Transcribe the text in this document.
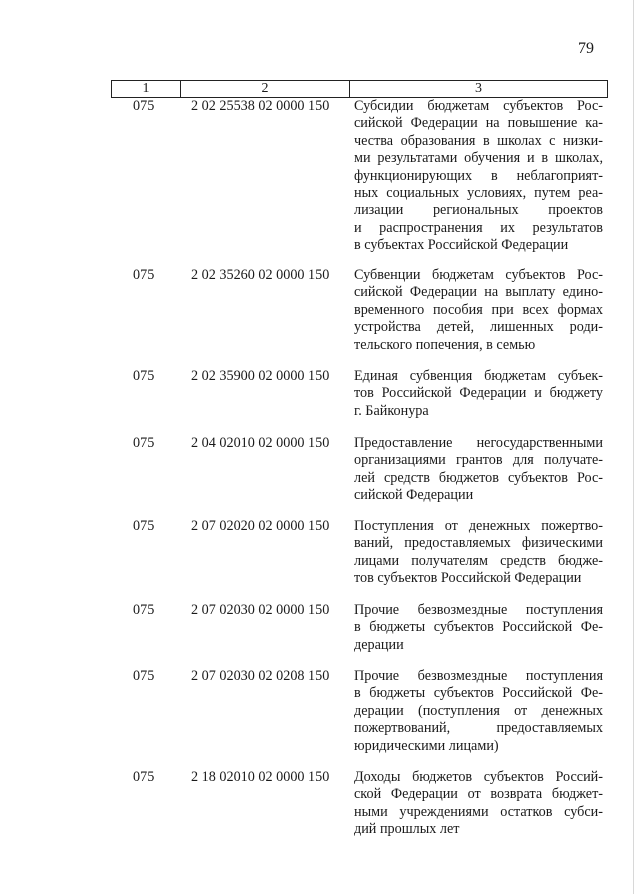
79
1	2	3
075	2 02 25538 02 0000 150 Субсидии бюджетам субъектов Рос-
сийской Федерации на повышение ка-
чества образования в школах с низки-
ми результатами обучения и в школах,
функционирующих в неблагоприят-
ных социальных условиях, путем реа-
лизации региональных проектов
и распространения их результатов
в субъектах Российской Федерации
075	2 02 35260 02 0000 150 Субвенции бюджетам субъектов Рос-
сийской Федерации на выплату едино-
временного пособия при всех формах
устройства детей, лишенных роди-
тельского попечения, в семью
075	2 02 35900 02 0000 150 Единая субвенция бюджетам субъек-
тов Российской Федерации и бюджету
г. Байконура
075	2 04 02010 02 0000 150 Предоставление негосударственными
организациями грантов для получате-
лей средств бюджетов субъектов Рос-
сийской Федерации
075	2 07 02020 02 0000 150 Поступления от денежных пожертво-
ваний, предоставляемых физическими
лицами получателям средств бюдже-
тов субъектов Российской Федерации
075	2 07 02030 02 0000 150 Прочие безвозмездные поступления
в бюджеты субъектов Российской Фе-
дерации
075	2 07 02030 02 0208 150 Прочие безвозмездные поступления
в бюджеты субъектов Российской Фе-
дерации (поступления от денежных
пожертвований, предоставляемых
юридическими лицами)
075	2 18 02010 02 0000 150 Доходы бюджетов субъектов Россий-
ской Федерации от возврата бюджет-
ными учреждениями остатков субси-
дий прошлых лет
